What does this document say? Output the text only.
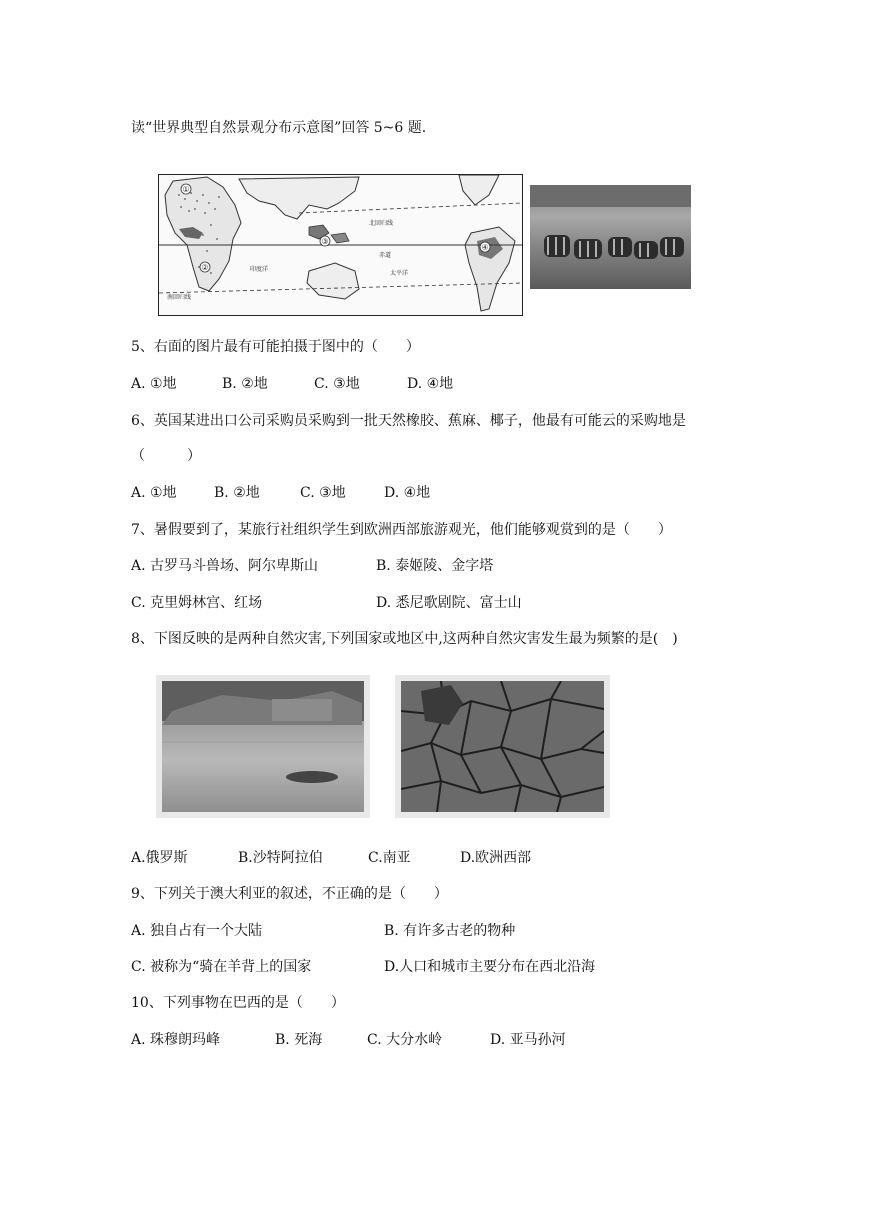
读“世界典型自然景观分布示意图”回答 5~6 题.
①
②
③
④
北回归线
赤道
印度洋
太平洋
南回归线
5、右面的图片最有可能拍摄于图中的（　　）
A. ①地	B. ②地	C. ③地	D. ④地
6、英国某进出口公司采购员采购到一批天然橡胶、蕉麻、椰子，他最有可能云的采购地是
（　　　）
A. ①地	B. ②地	C. ③地	D. ④地
7、暑假要到了，某旅行社组织学生到欧洲西部旅游观光，他们能够观赏到的是（　　）
A. 古罗马斗兽场、阿尔卑斯山	B. 泰姬陵、金字塔
C. 克里姆林宫、红场	D. 悉尼歌剧院、富士山
8、下图反映的是两种自然灾害,下列国家或地区中,这两种自然灾害发生最为频繁的是(　)
A.俄罗斯	B.沙特阿拉伯	C.南亚	D.欧洲西部
9、下列关于澳大利亚的叙述，不正确的是（　　）
A. 独自占有一个大陆	B. 有许多古老的物种
C. 被称为“骑在羊背上的国家	D.人口和城市主要分布在西北沿海
10、下列事物在巴西的是（　　）
A. 珠穆朗玛峰	B. 死海	C. 大分水岭	D. 亚马孙河
